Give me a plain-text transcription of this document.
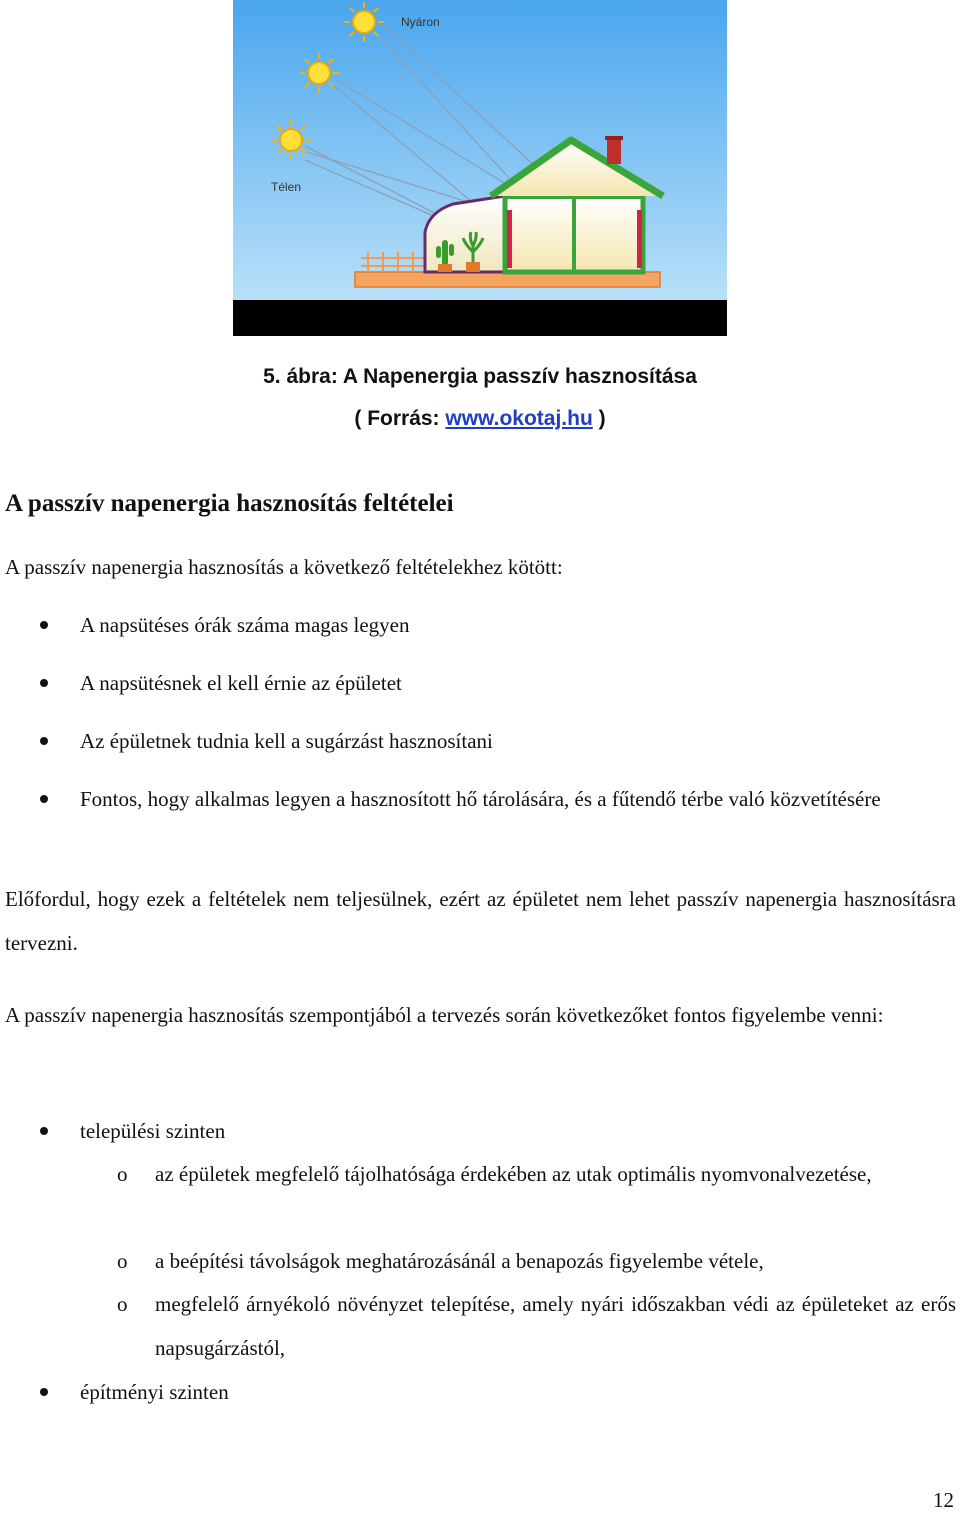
Nyáron
Télen
5. ábra: A Napenergia passzív hasznosítása
( Forrás: www.okotaj.hu )
A passzív napenergia hasznosítás feltételei
A passzív napenergia hasznosítás a következő feltételekhez kötött:
A napsütéses órák száma magas legyen
A napsütésnek el kell érnie az épületet
Az épületnek tudnia kell a sugárzást hasznosítani
Fontos, hogy alkalmas legyen a hasznosított hő tárolására, és a fűtendő térbe való közvetítésére
Előfordul, hogy ezek a feltételek nem teljesülnek, ezért az épületet nem lehet passzív napenergia hasznosításra tervezni.
A passzív napenergia hasznosítás szempontjából a tervezés során következőket fontos figyelembe venni:
települési szinten
o az épületek megfelelő tájolhatósága érdekében az utak optimális nyomvonalvezetése,
o a beépítési távolságok meghatározásánál a benapozás figyelembe vétele,
o megfelelő árnyékoló növényzet telepítése, amely nyári időszakban védi az épületeket az erős napsugárzástól,
építményi szinten
12
